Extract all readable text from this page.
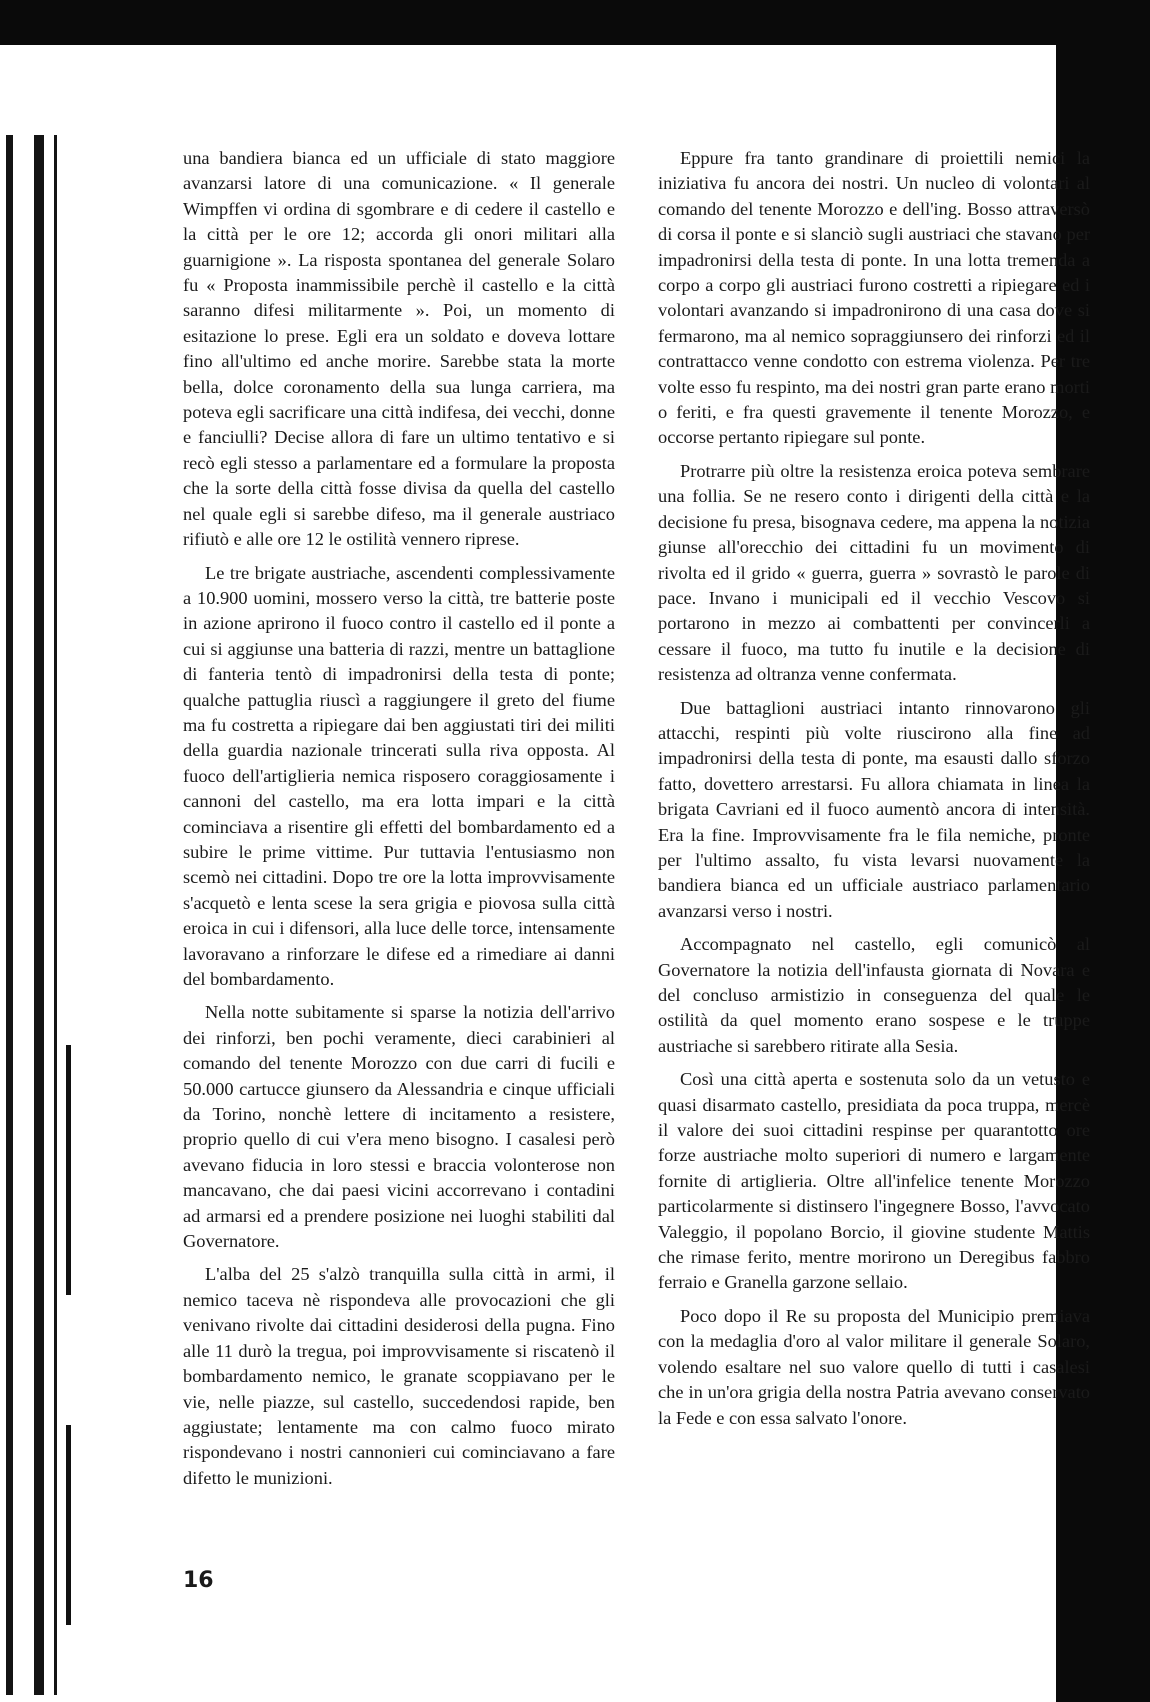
una bandiera bianca ed un ufficiale di stato maggiore avanzarsi latore di una comunicazione. « Il generale Wimpffen vi ordina di sgombrare e di cedere il castello e la città per le ore 12; accorda gli onori militari alla guarnigione ». La risposta spontanea del generale Solaro fu « Proposta inammissibile perchè il castello e la città saranno difesi militarmente ». Poi, un momento di esitazione lo prese. Egli era un soldato e doveva lottare fino all'ultimo ed anche morire. Sarebbe stata la morte bella, dolce coronamento della sua lunga carriera, ma poteva egli sacrificare una città indifesa, dei vecchi, donne e fanciulli? Decise allora di fare un ultimo tentativo e si recò egli stesso a parlamentare ed a formulare la proposta che la sorte della città fosse divisa da quella del castello nel quale egli si sarebbe difeso, ma il generale austriaco rifiutò e alle ore 12 le ostilità vennero riprese.

Le tre brigate austriache, ascendenti complessivamente a 10.900 uomini, mossero verso la città, tre batterie poste in azione aprirono il fuoco contro il castello ed il ponte a cui si aggiunse una batteria di razzi, mentre un battaglione di fanteria tentò di impadronirsi della testa di ponte; qualche pattuglia riuscì a raggiungere il greto del fiume ma fu costretta a ripiegare dai ben aggiustati tiri dei militi della guardia nazionale trincerati sulla riva opposta. Al fuoco dell'artiglieria nemica risposero coraggiosamente i cannoni del castello, ma era lotta impari e la città cominciava a risentire gli effetti del bombardamento ed a subire le prime vittime. Pur tuttavia l'entusiasmo non scemò nei cittadini. Dopo tre ore la lotta improvvisamente s'acquetò e lenta scese la sera grigia e piovosa sulla città eroica in cui i difensori, alla luce delle torce, intensamente lavoravano a rinforzare le difese ed a rimediare ai danni del bombardamento.

Nella notte subitamente si sparse la notizia dell'arrivo dei rinforzi, ben pochi veramente, dieci carabinieri al comando del tenente Morozzo con due carri di fucili e 50.000 cartucce giunsero da Alessandria e cinque ufficiali da Torino, nonchè lettere di incitamento a resistere, proprio quello di cui v'era meno bisogno. I casalesi però avevano fiducia in loro stessi e braccia volonterose non mancavano, che dai paesi vicini accorrevano i contadini ad armarsi ed a prendere posizione nei luoghi stabiliti dal Governatore.

L'alba del 25 s'alzò tranquilla sulla città in armi, il nemico taceva nè rispondeva alle provocazioni che gli venivano rivolte dai cittadini desiderosi della pugna. Fino alle 11 durò la tregua, poi improvvisamente si riscatenò il bombardamento nemico, le granate scoppiavano per le vie, nelle piazze, sul castello, succedendosi rapide, ben aggiustate; lentamente ma con calmo fuoco mirato rispondevano i nostri cannonieri cui cominciavano a fare difetto le munizioni.

Eppure fra tanto grandinare di proiettili nemici la iniziativa fu ancora dei nostri. Un nucleo di volontari al comando del tenente Morozzo e dell'ing. Bosso attraversò di corsa il ponte e si slanciò sugli austriaci che stavano per impadronirsi della testa di ponte. In una lotta tremenda a corpo a corpo gli austriaci furono costretti a ripiegare ed i volontari avanzando si impadronirono di una casa dove si fermarono, ma al nemico sopraggiunsero dei rinforzi ed il contrattacco venne condotto con estrema violenza. Per tre volte esso fu respinto, ma dei nostri gran parte erano morti o feriti, e fra questi gravemente il tenente Morozzo, e occorse pertanto ripiegare sul ponte.

Protrarre più oltre la resistenza eroica poteva sembrare una follia. Se ne resero conto i dirigenti della città e la decisione fu presa, bisognava cedere, ma appena la notizia giunse all'orecchio dei cittadini fu un movimento di rivolta ed il grido « guerra, guerra » sovrastò le parole di pace. Invano i municipali ed il vecchio Vescovo si portarono in mezzo ai combattenti per convincerli a cessare il fuoco, ma tutto fu inutile e la decisione di resistenza ad oltranza venne confermata.

Due battaglioni austriaci intanto rinnovarono gli attacchi, respinti più volte riuscirono alla fine ad impadronirsi della testa di ponte, ma esausti dallo sforzo fatto, dovettero arrestarsi. Fu allora chiamata in linea la brigata Cavriani ed il fuoco aumentò ancora di intensità. Era la fine. Improvvisamente fra le fila nemiche, pronte per l'ultimo assalto, fu vista levarsi nuovamente la bandiera bianca ed un ufficiale austriaco parlamentario avanzarsi verso i nostri.

Accompagnato nel castello, egli comunicò al Governatore la notizia dell'infausta giornata di Novara e del concluso armistizio in conseguenza del quale le ostilità da quel momento erano sospese e le truppe austriache si sarebbero ritirate alla Sesia.

Così una città aperta e sostenuta solo da un vetusto e quasi disarmato castello, presidiata da poca truppa, mercè il valore dei suoi cittadini respinse per quarantotto ore forze austriache molto superiori di numero e largamente fornite di artiglieria. Oltre all'infelice tenente Morozzo particolarmente si distinsero l'ingegnere Bosso, l'avvocato Valeggio, il popolano Borcio, il giovine studente Mattis che rimase ferito, mentre morirono un Deregibus fabbro ferraio e Granella garzone sellaio.

Poco dopo il Re su proposta del Municipio premiava con la medaglia d'oro al valor militare il generale Solaro, volendo esaltare nel suo valore quello di tutti i casalesi che in un'ora grigia della nostra Patria avevano conservato la Fede e con essa salvato l'onore.

16
